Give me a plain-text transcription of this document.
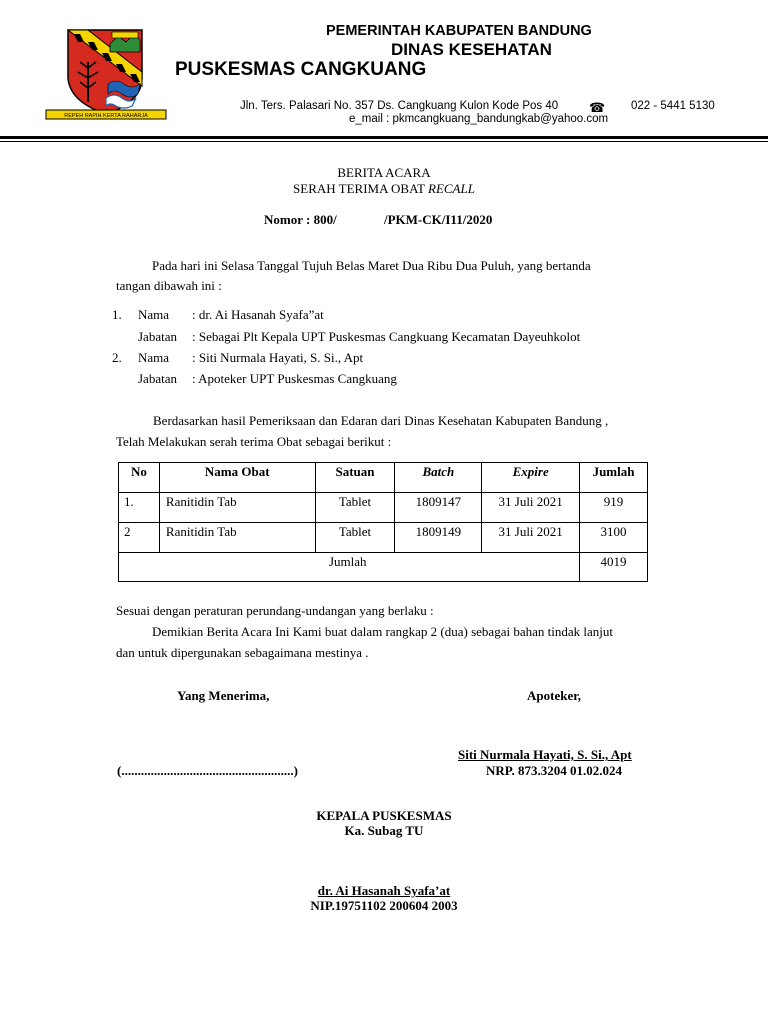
REPEH RAPIH KERTA RAHARJA
PEMERINTAH KABUPATEN BANDUNG
DINAS KESEHATAN
PUSKESMAS CANGKUANG
Jln. Ters. Palasari No. 357 Ds. Cangkuang Kulon Kode Pos 40 ☎ 022 - 5441 5130
e_mail : pkmcangkuang_bandungkab@yahoo.com
BERITA ACARA
SERAH TERIMA OBAT RECALL
Nomor : 800/	/PKM-CK/I11/2020
Pada hari ini Selasa Tanggal Tujuh Belas Maret Dua Ribu Dua Puluh, yang bertanda
tangan dibawah ini :
1. Nama : dr. Ai Hasanah Syafa”at
Jabatan : Sebagai Plt Kepala UPT Puskesmas Cangkuang Kecamatan Dayeuhkolot
2. Nama : Siti Nurmala Hayati, S. Si., Apt
Jabatan : Apoteker UPT Puskesmas Cangkuang
Berdasarkan hasil Pemeriksaan dan Edaran dari Dinas Kesehatan Kabupaten Bandung ,
Telah Melakukan serah terima Obat sebagai berikut :
No	Nama Obat	Satuan	Batch	Expire	Jumlah
1.	Ranitidin Tab	Tablet	1809147	31 Juli 2021	919
2	Ranitidin Tab	Tablet	1809149	31 Juli 2021	3100
Jumlah					4019
Sesuai dengan peraturan perundang-undangan yang berlaku :
Demikian Berita Acara Ini Kami buat dalam rangkap 2 (dua) sebagai bahan tindak lanjut
dan untuk dipergunakan sebagaimana mestinya .
Yang Menerima,	Apoteker,
Siti Nurmala Hayati, S. Si., Apt
NRP. 873.3204 01.02.024
(.....................................................)
KEPALA PUSKESMAS
Ka. Subag TU
dr. Ai Hasanah Syafa’at
NIP.19751102 200604 2003
